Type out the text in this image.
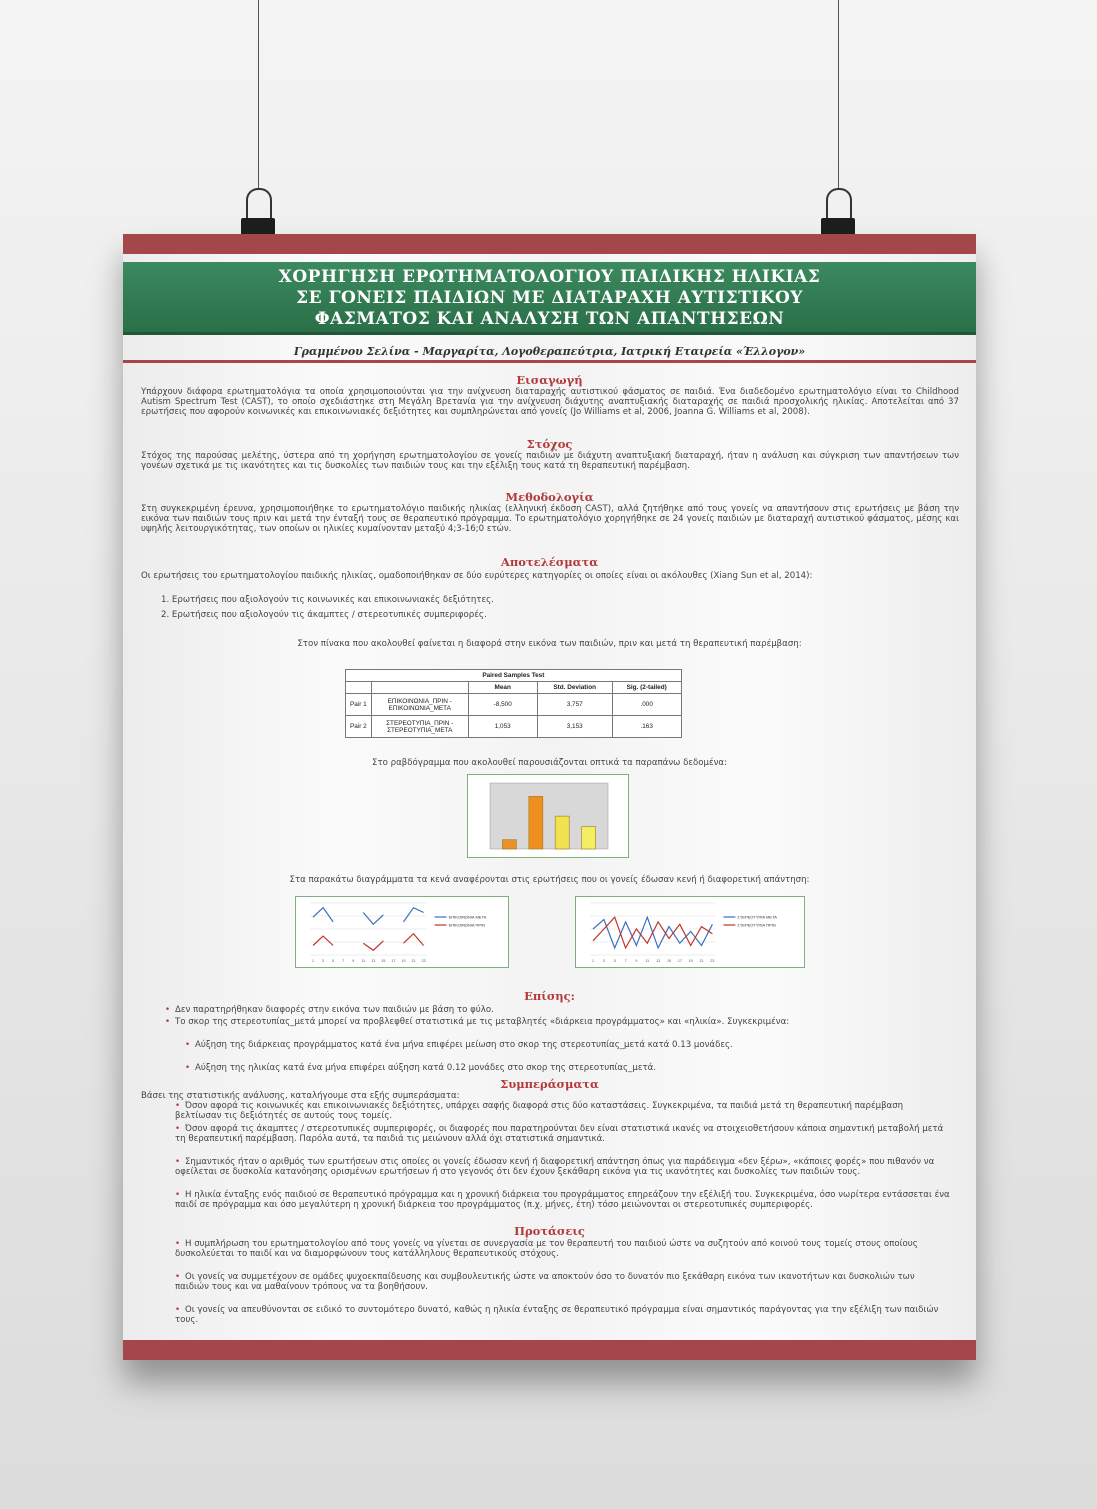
ΧΟΡΗΓΗΣΗ ΕΡΩΤΗΜΑΤΟΛΟΓΙΟΥ ΠΑΙΔΙΚΗΣ ΗΛΙΚΙΑΣ
ΣΕ ΓΟΝΕΙΣ ΠΑΙΔΙΩΝ ΜΕ ΔΙΑΤΑΡΑΧΗ ΑΥΤΙΣΤΙΚΟΥ
ΦΑΣΜΑΤΟΣ ΚΑΙ ΑΝΑΛΥΣΗ ΤΩΝ ΑΠΑΝΤΗΣΕΩΝ
Γραμμένου Σελίνα - Μαργαρίτα, Λογοθεραπεύτρια, Ιατρική Εταιρεία «Έλλογον»
Εισαγωγή
Υπάρχουν διάφορα ερωτηματολόγια τα οποία χρησιμοποιούνται για την ανίχνευση διαταραχής αυτιστικού φάσματος σε παιδιά. Ένα διαδεδομένο ερωτηματολόγιο είναι το Childhood Autism Spectrum Test (CAST), το οποίο σχεδιάστηκε στη Μεγάλη Βρετανία για την ανίχνευση διάχυτης αναπτυξιακής διαταραχής σε παιδιά προσχολικής ηλικίας. Αποτελείται από 37 ερωτήσεις που αφορούν κοινωνικές και επικοινωνιακές δεξιότητες και συμπληρώνεται από γονείς (Jo Williams et al, 2006, Joanna G. Williams et al, 2008).
Στόχος
Στόχος της παρούσας μελέτης, ύστερα από τη χορήγηση ερωτηματολογίου σε γονείς παιδιών με διάχυτη αναπτυξιακή διαταραχή, ήταν η ανάλυση και σύγκριση των απαντήσεων των γονέων σχετικά με τις ικανότητες και τις δυσκολίες των παιδιών τους και την εξέλιξη τους κατά τη θεραπευτική παρέμβαση.
Μεθοδολογία
Στη συγκεκριμένη έρευνα, χρησιμοποιήθηκε το ερωτηματολόγιο παιδικής ηλικίας (ελληνική έκδοση CAST), αλλά ζητήθηκε από τους γονείς να απαντήσουν στις ερωτήσεις με βάση την εικόνα των παιδιών τους πριν και μετά την ένταξή τους σε θεραπευτικό πρόγραμμα. Το ερωτηματολόγιο χορηγήθηκε σε 24 γονείς παιδιών με διαταραχή αυτιστικού φάσματος, μέσης και υψηλής λειτουργικότητας, των οποίων οι ηλικίες κυμαίνονταν μεταξύ 4;3-16;0 ετών.
Αποτελέσματα
Οι ερωτήσεις του ερωτηματολογίου παιδικής ηλικίας, ομαδοποιήθηκαν σε δύο ευρύτερες κατηγορίες οι οποίες είναι οι ακόλουθες (Xiang Sun et al, 2014):
1. Ερωτήσεις που αξιολογούν τις κοινωνικές και επικοινωνιακές δεξιότητες.
2. Ερωτήσεις που αξιολογούν τις άκαμπτες / στερεοτυπικές συμπεριφορές.
Στον πίνακα που ακολουθεί φαίνεται η διαφορά στην εικόνα των παιδιών, πριν και μετά τη θεραπευτική παρέμβαση:
Paired Samples Test				
		Mean	Std. Deviation	Sig. (2-tailed)
Pair 1	ΕΠΙΚΟΙΝΩΝΙΑ_ΠΡΙΝ - ΕΠΙΚΟΙΝΩΝΙΑ_ΜΕΤΑ	-8,500	3,757	.000
Pair 2	ΣΤΕΡΕΟΤΥΠΙΑ_ΠΡΙΝ - ΣΤΕΡΕΟΤΥΠΙΑ_ΜΕΤΑ	1,053	3,153	.163
Στο ραβδόγραμμα που ακολουθεί παρουσιάζονται οπτικά τα παραπάνω δεδομένα:
Στα παρακάτω διαγράμματα τα κενά αναφέρονται στις ερωτήσεις που οι γονείς έδωσαν κενή ή διαφορετική απάντηση:
1 3 5 7 9 11 13 15 17 19 21 23
ΕΠΙΚΟΙΝΩΝΙΑ ΜΕΤΑ
ΕΠΙΚΟΙΝΩΝΙΑ ΠΡΙΝ
1 3 5 7 9 11 13 15 17 19 21 23
ΣΤΕΡΕΟΤΥΠΙΑ ΜΕΤΑ
ΣΤΕΡΕΟΤΥΠΙΑ ΠΡΙΝ
Επίσης:
• Δεν παρατηρήθηκαν διαφορές στην εικόνα των παιδιών με βάση το φύλο.
• Το σκορ της στερεοτυπίας_μετά μπορεί να προβλεφθεί στατιστικά με τις μεταβλητές «διάρκεια προγράμματος» και «ηλικία». Συγκεκριμένα:
• Αύξηση της διάρκειας προγράμματος κατά ένα μήνα επιφέρει μείωση στο σκορ της στερεοτυπίας_μετά κατά 0.13 μονάδες.
• Αύξηση της ηλικίας κατά ένα μήνα επιφέρει αύξηση κατά 0.12 μονάδες στο σκορ της στερεοτυπίας_μετά.
Συμπεράσματα
Βάσει της στατιστικής ανάλυσης, καταλήγουμε στα εξής συμπεράσματα:
• Όσον αφορά τις κοινωνικές και επικοινωνιακές δεξιότητες, υπάρχει σαφής διαφορά στις δύο καταστάσεις. Συγκεκριμένα, τα παιδιά μετά τη θεραπευτική παρέμβαση βελτίωσαν τις δεξιότητές σε αυτούς τους τομείς.
• Όσον αφορά τις άκαμπτες / στερεοτυπικές συμπεριφορές, οι διαφορές που παρατηρούνται δεν είναι στατιστικά ικανές να στοιχειοθετήσουν κάποια σημαντική μεταβολή μετά τη θεραπευτική παρέμβαση. Παρόλα αυτά, τα παιδιά τις μειώνουν αλλά όχι στατιστικά σημαντικά.
• Σημαντικός ήταν ο αριθμός των ερωτήσεων στις οποίες οι γονείς έδωσαν κενή ή διαφορετική απάντηση όπως για παράδειγμα «δεν ξέρω», «κάποιες φορές» που πιθανόν να οφείλεται σε δυσκολία κατανόησης ορισμένων ερωτήσεων ή στο γεγονός ότι δεν έχουν ξεκάθαρη εικόνα για τις ικανότητες και δυσκολίες των παιδιών τους.
• Η ηλικία ένταξης ενός παιδιού σε θεραπευτικό πρόγραμμα και η χρονική διάρκεια του προγράμματος επηρεάζουν την εξέλιξή του. Συγκεκριμένα, όσο νωρίτερα εντάσσεται ένα παιδί σε πρόγραμμα και όσο μεγαλύτερη η χρονική διάρκεια του προγράμματος (π.χ. μήνες, έτη) τόσο μειώνονται οι στερεοτυπικές συμπεριφορές.
Προτάσεις
• Η συμπλήρωση του ερωτηματολογίου από τους γονείς να γίνεται σε συνεργασία με τον θεραπευτή του παιδιού ώστε να συζητούν από κοινού τους τομείς στους οποίους δυσκολεύεται το παιδί και να διαμορφώνουν τους κατάλληλους θεραπευτικούς στόχους.
• Οι γονείς να συμμετέχουν σε ομάδες ψυχοεκπαίδευσης και συμβουλευτικής ώστε να αποκτούν όσο το δυνατόν πιο ξεκάθαρη εικόνα των ικανοτήτων και δυσκολιών των παιδιών τους και να μαθαίνουν τρόπους να τα βοηθήσουν.
• Οι γονείς να απευθύνονται σε ειδικό το συντομότερο δυνατό, καθώς η ηλικία ένταξης σε θεραπευτικό πρόγραμμα είναι σημαντικός παράγοντας για την εξέλιξη των παιδιών τους.
